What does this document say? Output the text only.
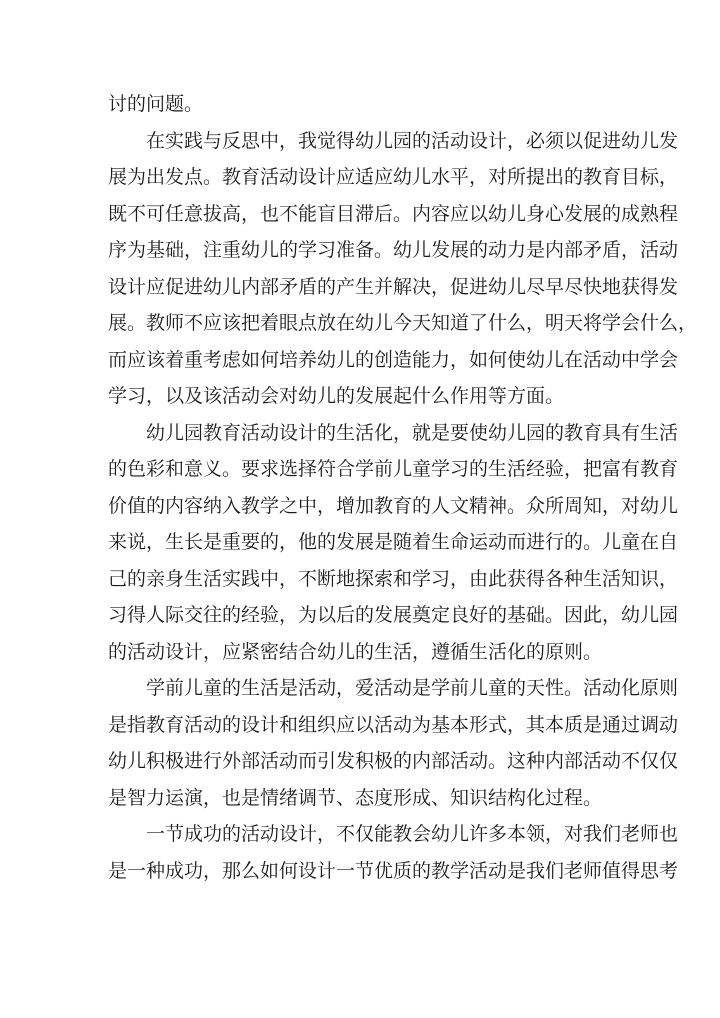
讨的问题。
在实践与反思中，我觉得幼儿园的活动设计，必须以促进幼儿发
展为出发点。教育活动设计应适应幼儿水平，对所提出的教育目标，
既不可任意拔高，也不能盲目滞后。内容应以幼儿身心发展的成熟程
序为基础，注重幼儿的学习准备。幼儿发展的动力是内部矛盾，活动
设计应促进幼儿内部矛盾的产生并解决，促进幼儿尽早尽快地获得发
展。教师不应该把着眼点放在幼儿今天知道了什么，明天将学会什么，
而应该着重考虑如何培养幼儿的创造能力，如何使幼儿在活动中学会
学习，以及该活动会对幼儿的发展起什么作用等方面。
幼儿园教育活动设计的生活化，就是要使幼儿园的教育具有生活
的色彩和意义。要求选择符合学前儿童学习的生活经验，把富有教育
价值的内容纳入教学之中，增加教育的人文精神。众所周知，对幼儿
来说，生长是重要的，他的发展是随着生命运动而进行的。儿童在自
己的亲身生活实践中，不断地探索和学习，由此获得各种生活知识，
习得人际交往的经验，为以后的发展奠定良好的基础。因此，幼儿园
的活动设计，应紧密结合幼儿的生活，遵循生活化的原则。
学前儿童的生活是活动，爱活动是学前儿童的天性。活动化原则
是指教育活动的设计和组织应以活动为基本形式，其本质是通过调动
幼儿积极进行外部活动而引发积极的内部活动。这种内部活动不仅仅
是智力运演，也是情绪调节、态度形成、知识结构化过程。
一节成功的活动设计，不仅能教会幼儿许多本领，对我们老师也
是一种成功，那么如何设计一节优质的教学活动是我们老师值得思考
